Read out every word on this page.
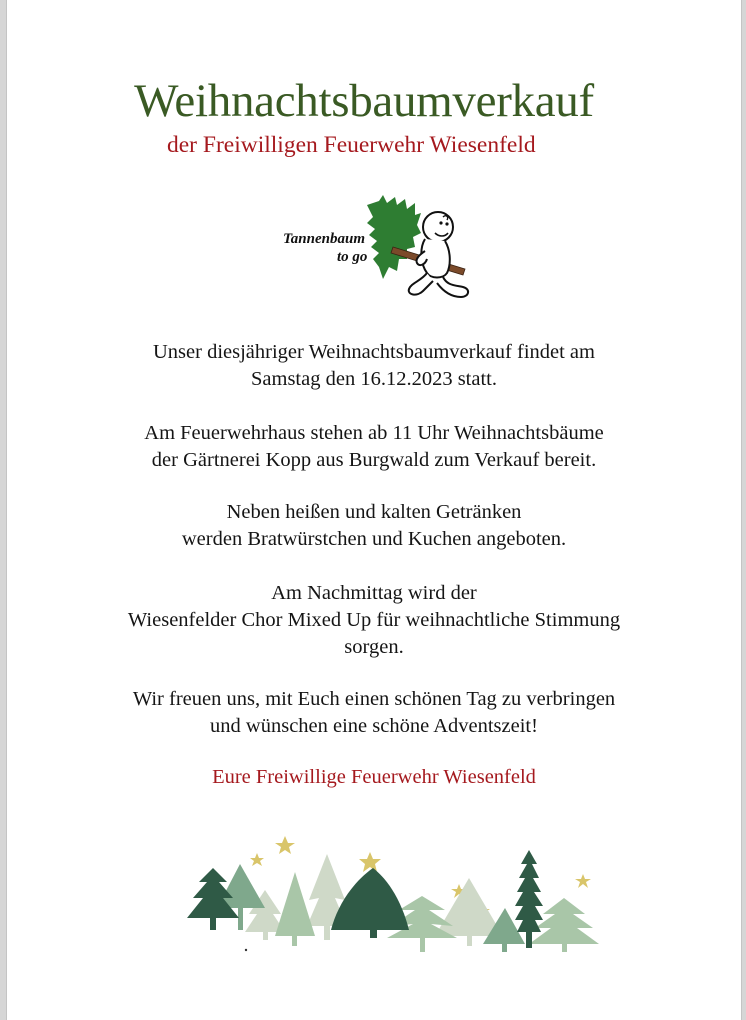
Weihnachtsbaumverkauf
der Freiwilligen Feuerwehr Wiesenfeld
Tannenbaum
to go
Unser diesjähriger Weihnachtsbaumverkauf findet am
Samstag den 16.12.2023 statt.
Am Feuerwehrhaus stehen ab 11 Uhr Weihnachtsbäume
der Gärtnerei Kopp aus Burgwald zum Verkauf bereit.
Neben heißen und kalten Getränken
werden Bratwürstchen und Kuchen angeboten.
Am Nachmittag wird der
Wiesenfelder Chor Mixed Up für weihnachtliche Stimmung
sorgen.
Wir freuen uns, mit Euch einen schönen Tag zu verbringen
und wünschen eine schöne Adventszeit!
Eure Freiwillige Feuerwehr Wiesenfeld
